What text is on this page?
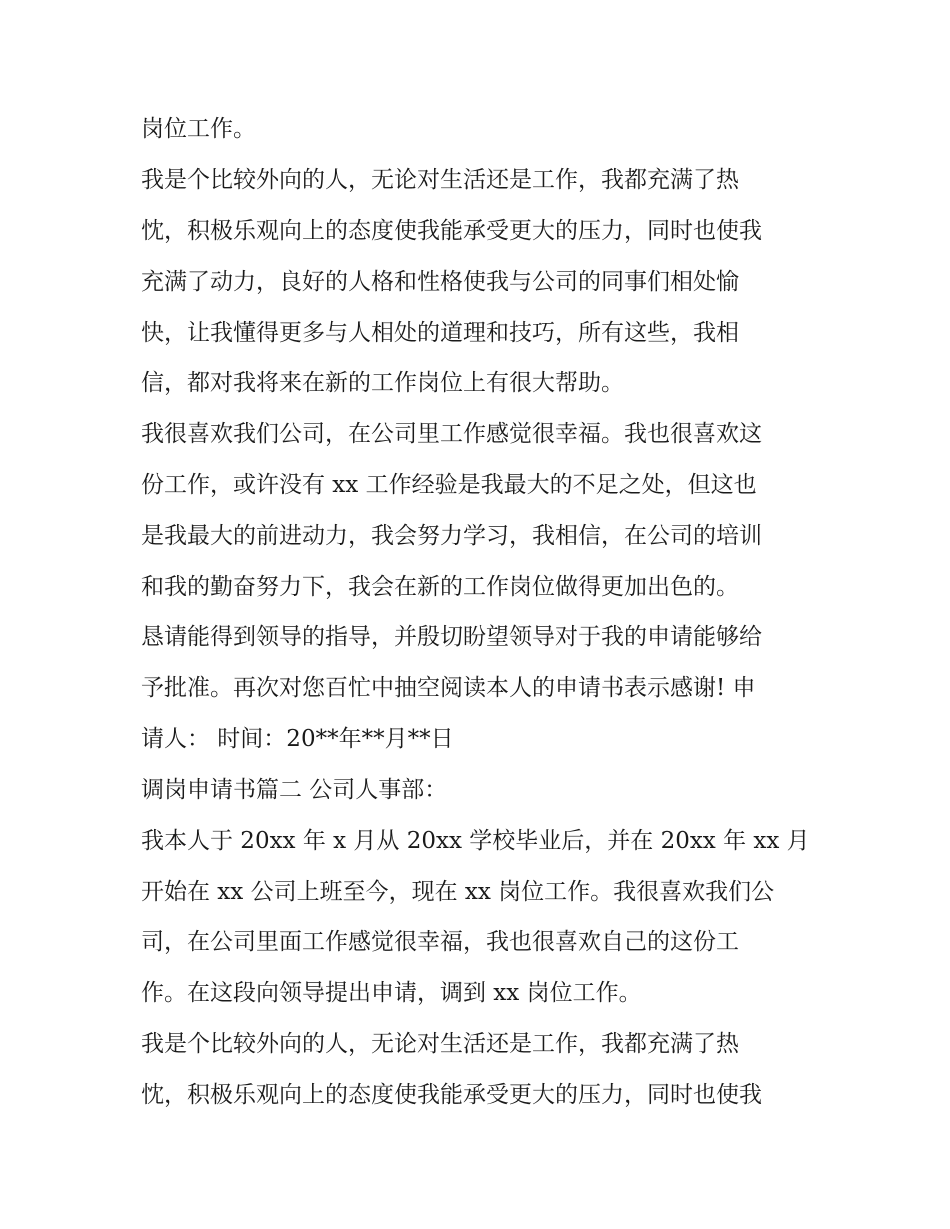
岗位工作。
我是个比较外向的人，无论对生活还是工作，我都充满了热
忱，积极乐观向上的态度使我能承受更大的压力，同时也使我
充满了动力，良好的人格和性格使我与公司的同事们相处愉
快，让我懂得更多与人相处的道理和技巧，所有这些，我相
信，都对我将来在新的工作岗位上有很大帮助。
我很喜欢我们公司，在公司里工作感觉很幸福。我也很喜欢这
份工作，或许没有 xx 工作经验是我最大的不足之处，但这也
是我最大的前进动力，我会努力学习，我相信，在公司的培训
和我的勤奋努力下，我会在新的工作岗位做得更加出色的。
恳请能得到领导的指导，并殷切盼望领导对于我的申请能够给
予批准。再次对您百忙中抽空阅读本人的申请书表示感谢! 申
请人： 时间：20**年**月**日
调岗申请书篇二 公司人事部：
我本人于 20xx 年 x 月从 20xx 学校毕业后，并在 20xx 年 xx 月
开始在 xx 公司上班至今，现在 xx 岗位工作。我很喜欢我们公
司，在公司里面工作感觉很幸福，我也很喜欢自己的这份工
作。在这段向领导提出申请，调到 xx 岗位工作。
我是个比较外向的人，无论对生活还是工作，我都充满了热
忱，积极乐观向上的态度使我能承受更大的压力，同时也使我
